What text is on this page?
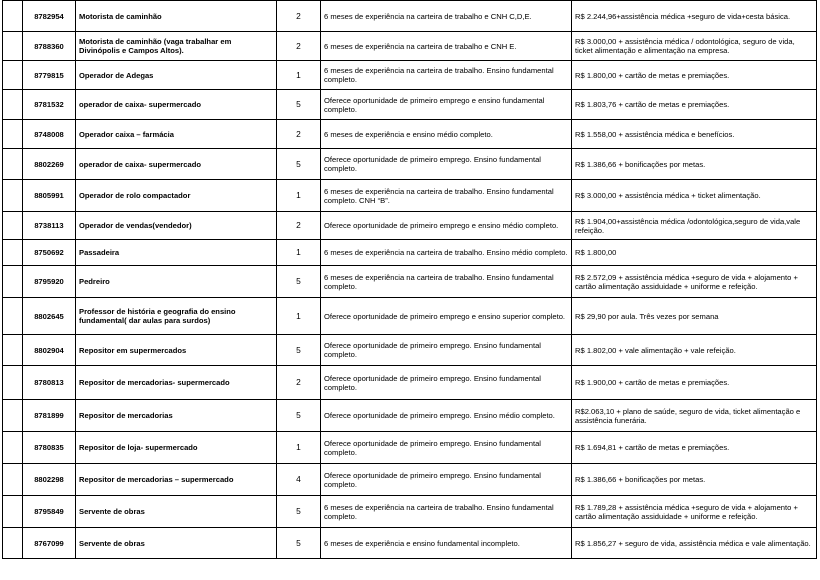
	8782954	Motorista de caminhão	2	6 meses de experiência na carteira de trabalho e CNH C,D,E.	R$ 2.244,96+assistência médica +seguro de vida+cesta básica.
	8788360	Motorista de caminhão (vaga trabalhar em Divinópolis e Campos Altos).	2	6 meses de experiência na carteira de trabalho e CNH E.	R$ 3.000,00 + assistência médica / odontológica, seguro de vida, ticket alimentação e alimentação na empresa.
	8779815	Operador de Adegas	1	6 meses de experiência na carteira de trabalho. Ensino fundamental completo.	R$ 1.800,00 + cartão de metas e premiações.
	8781532	operador de caixa- supermercado	5	Oferece oportunidade de primeiro emprego e ensino fundamental completo.	R$ 1.803,76 + cartão de metas e premiações.
	8748008	Operador caixa – farmácia	2	6 meses de experiência e ensino médio completo.	R$ 1.558,00 + assistência médica e benefícios.
	8802269	operador de caixa- supermercado	5	Oferece oportunidade de primeiro emprego. Ensino fundamental completo.	R$ 1.386,66 + bonificações por metas.
	8805991	Operador de rolo compactador	1	6 meses de experiência na carteira de trabalho. Ensino fundamental completo. CNH “B”.	R$ 3.000,00 + assistência médica + ticket alimentação.
	8738113	Operador de vendas(vendedor)	2	Oferece oportunidade de primeiro emprego e ensino médio completo.	R$ 1.904,00+assistência médica /odontológica,seguro de vida,vale refeição.
	8750692	Passadeira	1	6 meses de experiência na carteira de trabalho. Ensino médio completo.	R$ 1.800,00
	8795920	Pedreiro	5	6 meses de experiência na carteira de trabalho. Ensino fundamental completo.	R$ 2.572,09 + assistência médica +seguro de vida + alojamento + cartão alimentação assiduidade + uniforme e refeição.
	8802645	Professor de história e geografia do ensino fundamental( dar aulas para surdos)	1	Oferece oportunidade de primeiro emprego e ensino superior completo.	R$ 29,90 por aula. Três vezes por semana
	8802904	Repositor em supermercados	5	Oferece oportunidade de primeiro emprego. Ensino fundamental completo.	R$ 1.802,00 + vale alimentação + vale refeição.
	8780813	Repositor de mercadorias- supermercado	2	Oferece oportunidade de primeiro emprego. Ensino fundamental completo.	R$ 1.900,00 + cartão de metas e premiações.
	8781899	Repositor de mercadorias	5	Oferece oportunidade de primeiro emprego. Ensino médio completo.	R$2.063,10 + plano de saúde, seguro de vida, ticket alimentação e assistência funerária.
	8780835	Repositor de loja- supermercado	1	Oferece oportunidade de primeiro emprego. Ensino fundamental completo.	R$ 1.694,81 + cartão de metas e premiações.
	8802298	Repositor de mercadorias – supermercado	4	Oferece oportunidade de primeiro emprego. Ensino fundamental completo.	R$ 1.386,66 + bonificações por metas.
	8795849	Servente de obras	5	6 meses de experiência na carteira de trabalho. Ensino fundamental completo.	R$ 1.789,28 + assistência médica +seguro de vida + alojamento + cartão alimentação assiduidade + uniforme e refeição.
	8767099	Servente de obras	5	6 meses de experiência e ensino fundamental incompleto.	R$ 1.856,27 + seguro de vida, assistência médica e vale alimentação.
